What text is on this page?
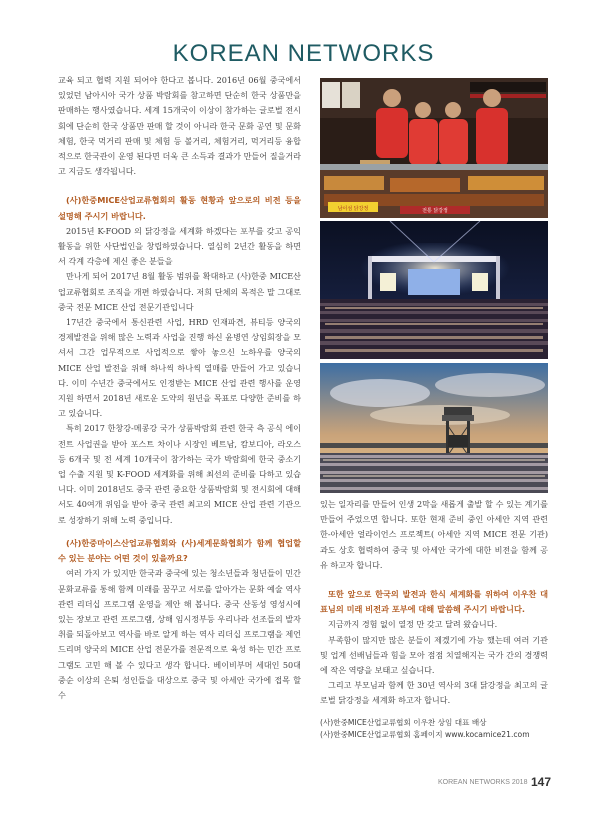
KOREAN NETWORKS

교육 되고 협력 지원 되어야 한다고 봅니다. 2016년 06월 중국에서 있었던 남아시아 국가 상품 박람회를 참고하면 단순히 한국 상품만을 판매하는 행사였습니다. 세계 15개국이 이상이 참가하는 글로벌 전시회에 단순히 한국 상품만 판매 할 것이 아니라 한국 문화 공연 및 문화 체험, 한국 먹거리 판매 및 체험 등 볼거리, 체험거리, 먹거리등 융합적으로 한국관이 운영 된다면 더욱 큰 소득과 결과가 만들어 질을거라고 지금도 생각됩니다.

(사)한중MICE산업교류협회의 활동 현황과 앞으로의 비전 등을 설명해 주시기 바랍니다.

2015년 K-FOOD 의 닭강정을 세계화 하겠다는 포부를 갖고 공익 활동을 위한 사단법인을 창립하였습니다. 열심히 2년간 활동을 하면서 각계 각층에 제신 좋은 분들을

만나게 되어 2017년 8월 활동 범위를 확대하고 (사)한중 MICE산업교류협회로 조직을 개편 하였습니다. 저희 단체의 목적은 말 그대로 중국 전문 MICE 산업 전문기관입니다

17년간 중국에서 통신관련 사업, HRD 인재파견, 뷰티등 양국의 경제발전을 위해 많은 노력과 사업을 진행 하신 윤병연 상임회장을 모셔서 그간 업무적으로 사업적으로 쌓아 놓으신 노하우를 양국의 MICE 산업 발전을 위해 하나씩 하나씩 열매를 만들어 가고 있습니다. 이미 수년간 중국에서도 인정받는 MICE 산업 관련 행사를 운영 지원 하면서 2018년 새로운 도약의 원년을 목표로 다양한 준비를 하고 있습니다.

특히 2017 한창강-메콩강 국가 상품박람회 관련 한국 측 공식 에이전트 사업권을 받아 포스트 차이나 시장인 베트남, 캄보디아, 라오스등 6개국 및 전 세계 10개국이 참가하는 국가 박람회에 한국 중소기업 수출 지원 및 K-FOOD 세계화를 위해 최선의 준비를 다하고 있습니다. 이미 2018년도 중국 관련 중요한 상품박람회 및 전시회에 대해서도 40여개 위임을 받아 중국 관련 최고의 MICE 산업 관련 기관으로 성장하기 위해 노력 중입니다.

(사)한중마이스산업교류협회와 (사)세계문화협회가 함께 협업할 수 있는 분야는 어떤 것이 있을까요?

여러 가지 가 있지만 한국과 중국에 있는 청소년들과 청년들이 민간 문화교류를 통해 함께 미래를 꿈꾸고 서로를 알아가는 문화 예술 역사 관련 리더십 프로그램 운영을 제안 해 봅니다. 중국 산동성 영성시에 있는 장보고 관련 프로그램, 상해 임시정부등 우리나라 선조들의 발자취를 되돌아보고 역사를 바로 알게 하는 역사 리더십 프로그램을 제언 드리며 양국의 MICE 산업 전문가를 전문적으로 육성 하는 민간 프로그램도 고민 해 볼 수 있다고 생각 합니다. 베이비부머 세대인 50대 중순 이상의 은퇴 성인들을 대상으로 중국 및 아세안 국가에 접목 할 수

남이섬 닭강정	전통 닭강정

있는 일자리를 만들어 인생 2막을 새롭게 출발 할 수 있는 계기를 만들어 주었으면 합니다. 또한 현재 준비 중인 아세안 지역 관련 한-아세안 얼라이언스 프로젝트( 아세안 지역 MICE 전문 기관) 과도 상호 협력하여 중국 및 아세안 국가에 대한 비전을 함께 공유 하고자 합니다.

또한 앞으로 한국의 발전과 한식 세계화를 위하여 이우찬 대표님의 미래 비전과 포부에 대해 말씀해 주시기 바랍니다.

지금까지 경험 없이 열정 만 갖고 달려 왔습니다.

부족함이 많지만 많은 분들이 제겠기에 가능 했는데 여러 기관 및 업계 선배님들과 힘을 모아 점점 치열해지는 국가 간의 경쟁력에 작은 역량을 보태고 싶습니다.

그리고 부모님과 함께 한 30년 역사의 3대 닭강정을 최고의 글로벌 닭강정을 세계화 하고자 합니다.

(사)한중MICE산업교류협회 이우찬 상임 대표 배상
(사)한중MICE산업교류협회 홈페이지 www.kocamice21.com
KOREAN NETWORKS 2018 147
